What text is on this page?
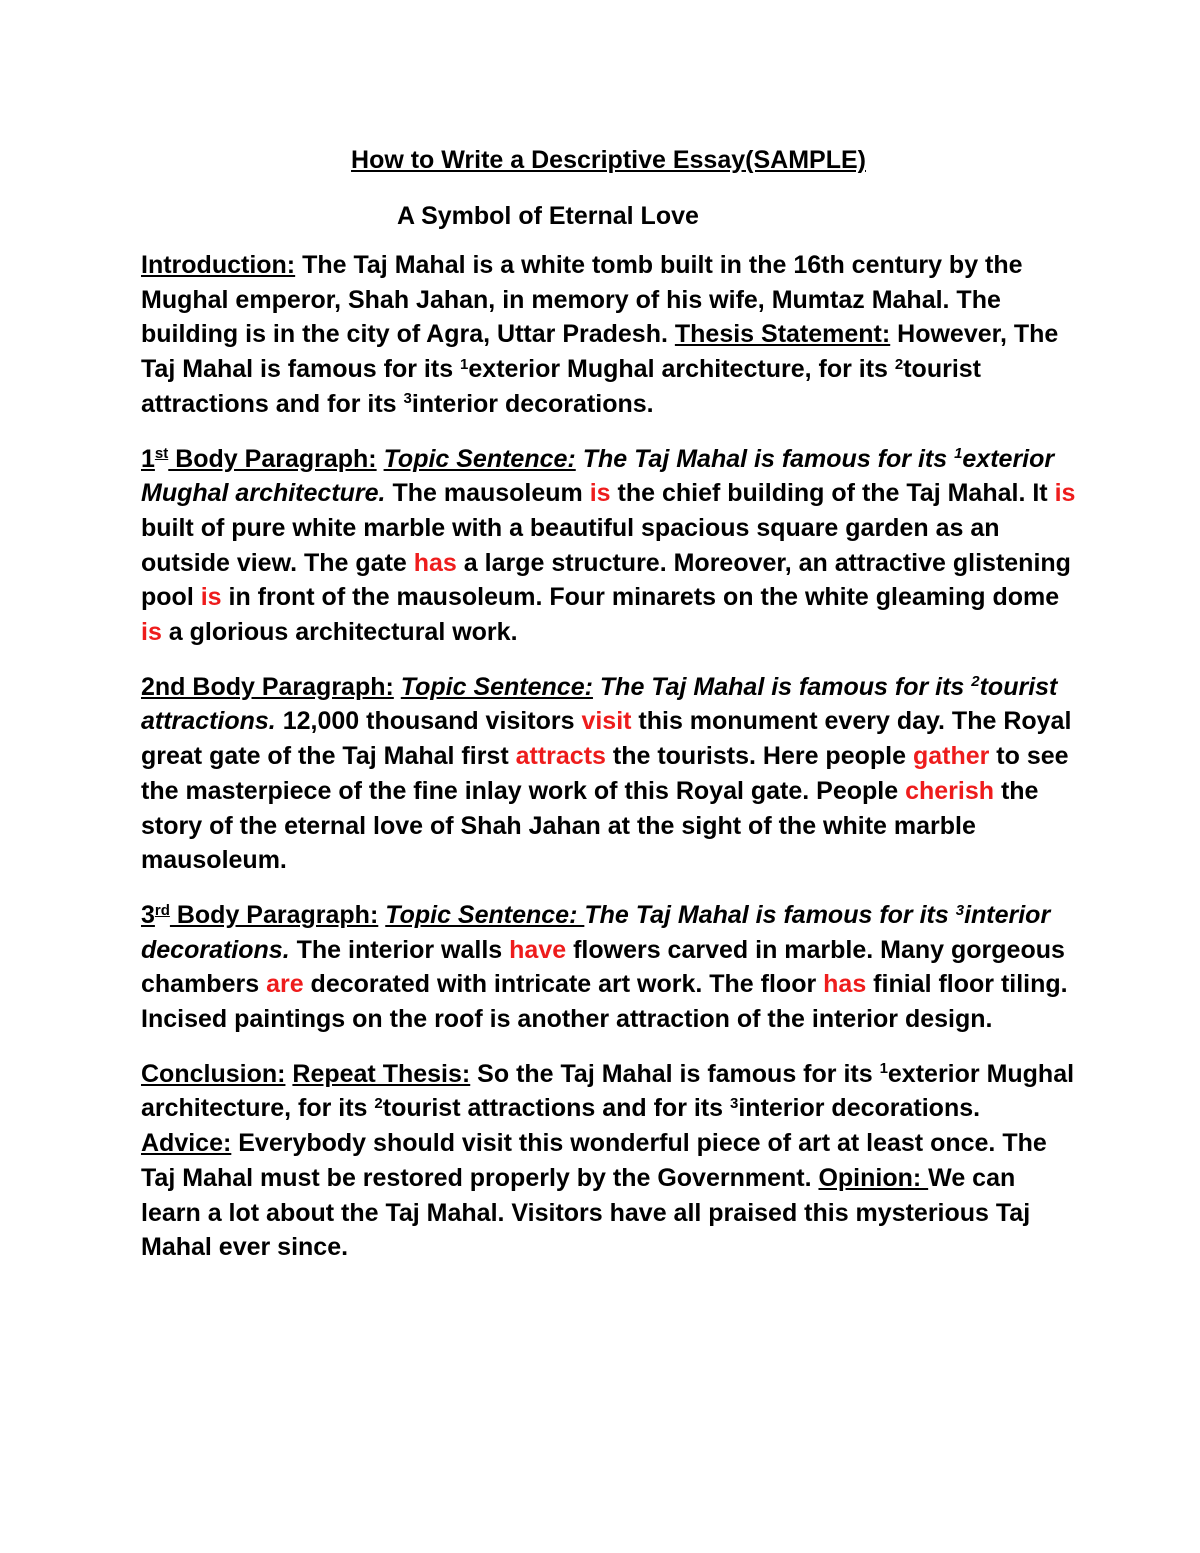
How to Write a Descriptive Essay(SAMPLE)
A Symbol of Eternal Love

Introduction: The Taj Mahal is a white tomb built in the 16th century by the Mughal emperor, Shah Jahan, in memory of his wife, Mumtaz Mahal. The building is in the city of Agra, Uttar Pradesh. Thesis Statement: However, The Taj Mahal is famous for its $^1$exterior Mughal architecture, for its $^2$tourist attractions and for its $^3$interior decorations.

1st Body Paragraph: Topic Sentence: The Taj Mahal is famous for its $^1$exterior Mughal architecture. The mausoleum is the chief building of the Taj Mahal. It is built of pure white marble with a beautiful spacious square garden as an outside view. The gate has a large structure. Moreover, an attractive glistening pool is in front of the mausoleum. Four minarets on the white gleaming dome is a glorious architectural work.

2nd Body Paragraph: Topic Sentence: The Taj Mahal is famous for its $^2$tourist attractions. 12,000 thousand visitors visit this monument every day. The Royal great gate of the Taj Mahal first attracts the tourists. Here people gather to see the masterpiece of the fine inlay work of this Royal gate. People cherish the story of the eternal love of Shah Jahan at the sight of the white marble mausoleum.

3rd Body Paragraph: Topic Sentence: The Taj Mahal is famous for its $^3$interior decorations. The interior walls have flowers carved in marble. Many gorgeous chambers are decorated with intricate art work. The floor has finial floor tiling. Incised paintings on the roof is another attraction of the interior design.

Conclusion: Repeat Thesis: So the Taj Mahal is famous for its $^1$exterior Mughal architecture, for its $^2$tourist attractions and for its $^3$interior decorations. Advice: Everybody should visit this wonderful piece of art at least once. The Taj Mahal must be restored properly by the Government. Opinion: We can learn a lot about the Taj Mahal. Visitors have all praised this mysterious Taj Mahal ever since.
